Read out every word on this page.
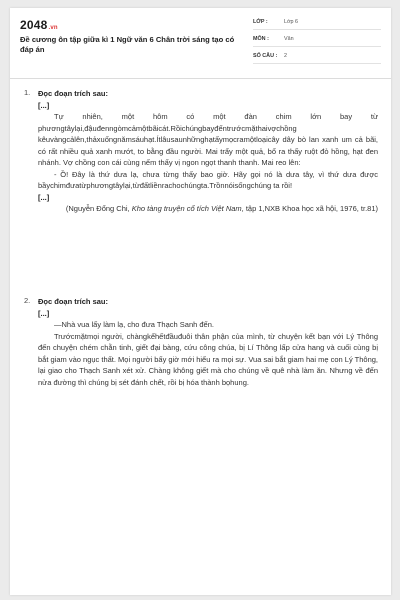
2048.vn
Đề cương ôn tập giữa kì 1 Ngữ văn 6 Chân trời sáng tạo có đáp án
LỚP :	Lớp 6
MÔN :	Văn
SỐ CÂU : 2
1. Đọc đoạn trích sau:
[...]
Tự nhiên, một hôm có một đàn chim lớn bay từ phươngtâylại,đậuđenngòmcảmộtbãicát.Rồichúngbayđếntrướcmặthaivợchồng kêuvàngcảlên,thảxuốngnămsáuhạt.Ítlâusaunhữnghạtấymọcramộtloạicây dây bò lan xanh um cả bãi, có rất nhiều quả xanh mướt, to bằng đầu người. Mai trẩy một quả, bổ ra thấy ruột đỏ hồng, hạt đen nhánh. Vợ chồng con cái cùng nếm thấy vị ngon ngọt thanh thanh. Mai reo lên:
- Ồ! Đây là thứ dưa lạ, chưa từng thấy bao giờ. Hãy gọi nó là dưa tây, vì thứ dưa được bầychimđưatừphươngtâylại,từđấtliềnrachochúngta.Trồnnóisốngchúng ta rồi!
[...]
(Nguyễn Đổng Chi, Kho tàng truyện cổ tích Việt Nam, tập 1,NXB Khoa học xã hội, 1976, tr.81)
2. Đọc đoạn trích sau:
[...]
—Nhà vua lấy làm lạ, cho đưa Thạch Sanh đến.
Trướcmặtmọi người, chàngkểhếtđầuđuôi thân phận của mình, từ chuyện kết bạn với Lý Thông đến chuyện chém chằn tinh, giết đại bàng, cứu công chúa, bị Lí Thông lấp cửa hang và cuối cùng bị bắt giam vào ngục thất. Mọi người bấy giờ mới hiểu ra mọi sự. Vua sai bắt giam hai mẹ con Lý Thông, lại giao cho Thạch Sanh xét xử. Chàng không giết mà cho chúng về quê nhà làm ăn. Nhưng về đến nửa đường thì chúng bị sét đánh chết, rồi bị hóa thành bọhung.
